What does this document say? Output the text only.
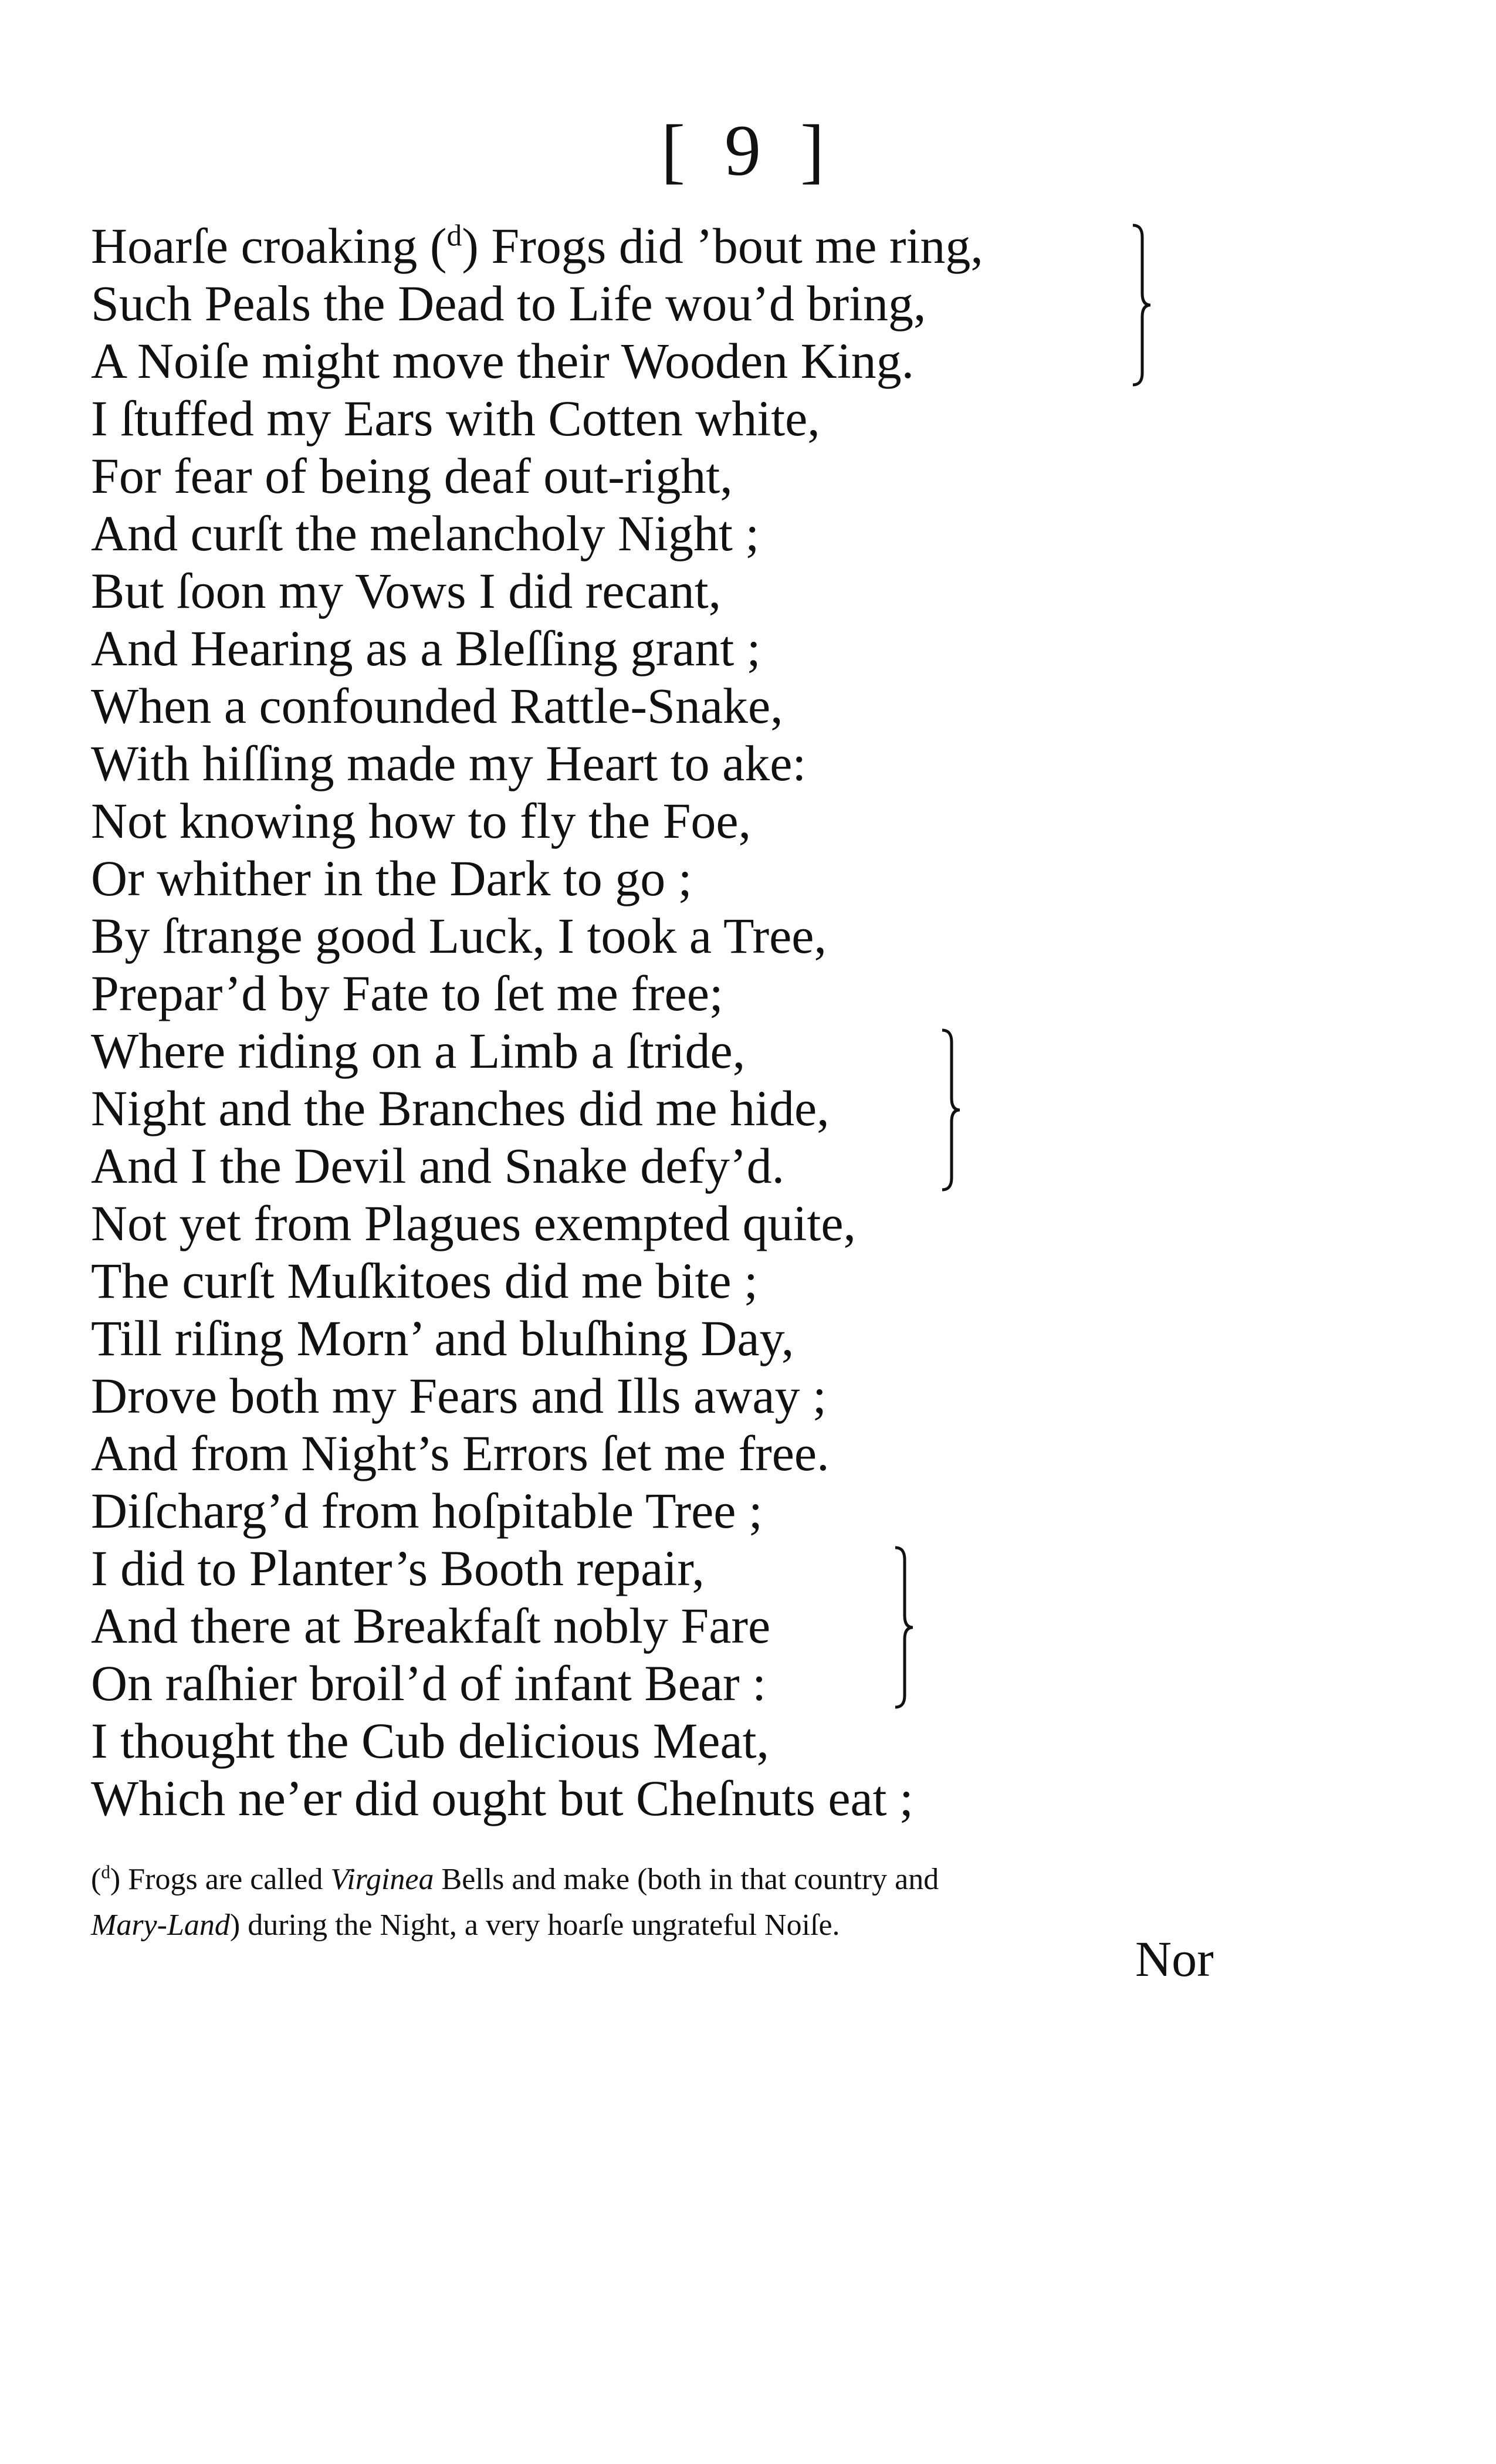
[ 9 ]
Hoarſe croaking ($^d$) Frogs did ’bout me ring,
Such Peals the Dead to Life wou’d bring,
A Noiſe might move their Wooden King.
I ſtuffed my Ears with Cotten white,
For fear of being deaf out-right,
And curſt the melancholy Night ;
But ſoon my Vows I did recant,
And Hearing as a Bleſſing grant ;
When a confounded Rattle-Snake,
With hiſſing made my Heart to ake:
Not knowing how to fly the Foe,
Or whither in the Dark to go ;
By ſtrange good Luck, I took a Tree,
Prepar’d by Fate to ſet me free;
Where riding on a Limb a ſtride,
Night and the Branches did me hide,
And I the Devil and Snake defy’d.
Not yet from Plagues exempted quite,
The curſt Muſkitoes did me bite ;
Till riſing Morn’ and bluſhing Day,
Drove both my Fears and Ills away ;
And from Night’s Errors ſet me free.
Diſcharg’d from hoſpitable Tree ;
I did to Planter’s Booth repair,
And there at Breakfaſt nobly Fare
On raſhier broil’d of infant Bear :
I thought the Cub delicious Meat,
Which ne’er did ought but Cheſnuts eat ;
($^d$) Frogs are called Virginea Bells and make (both in that country and
Mary-Land) during the Night, a very hoarſe ungrateful Noiſe.
Nor
